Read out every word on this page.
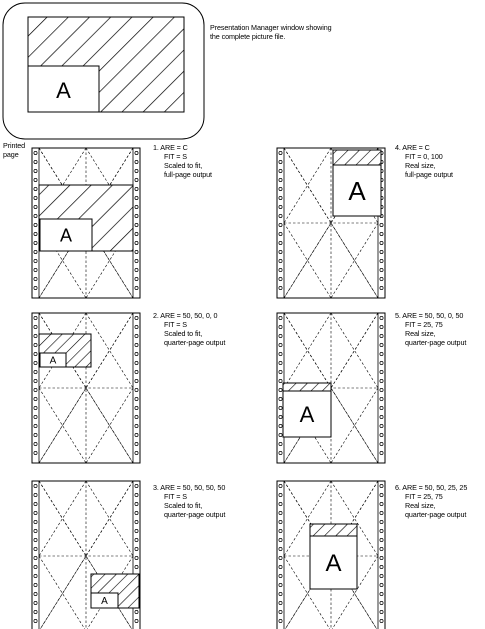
A
Presentation Manager window showing
the complete picture file.
Printed
page
A
A
A
A
A
A
1. ARE = C
FIT = S
Scaled to fit,
full-page output
2. ARE = 50, 50, 0, 0
FIT = S
Scaled to fit,
quarter-page output
3. ARE = 50, 50, 50, 50
FIT = S
Scaled to fit,
quarter-page output
4. ARE = C
FIT = 0, 100
Real size,
full-page output
5. ARE = 50, 50, 0, 50
FIT = 25, 75
Real size,
quarter-page output
6. ARE = 50, 50, 25, 25
FIT = 25, 75
Real size,
quarter-page output
